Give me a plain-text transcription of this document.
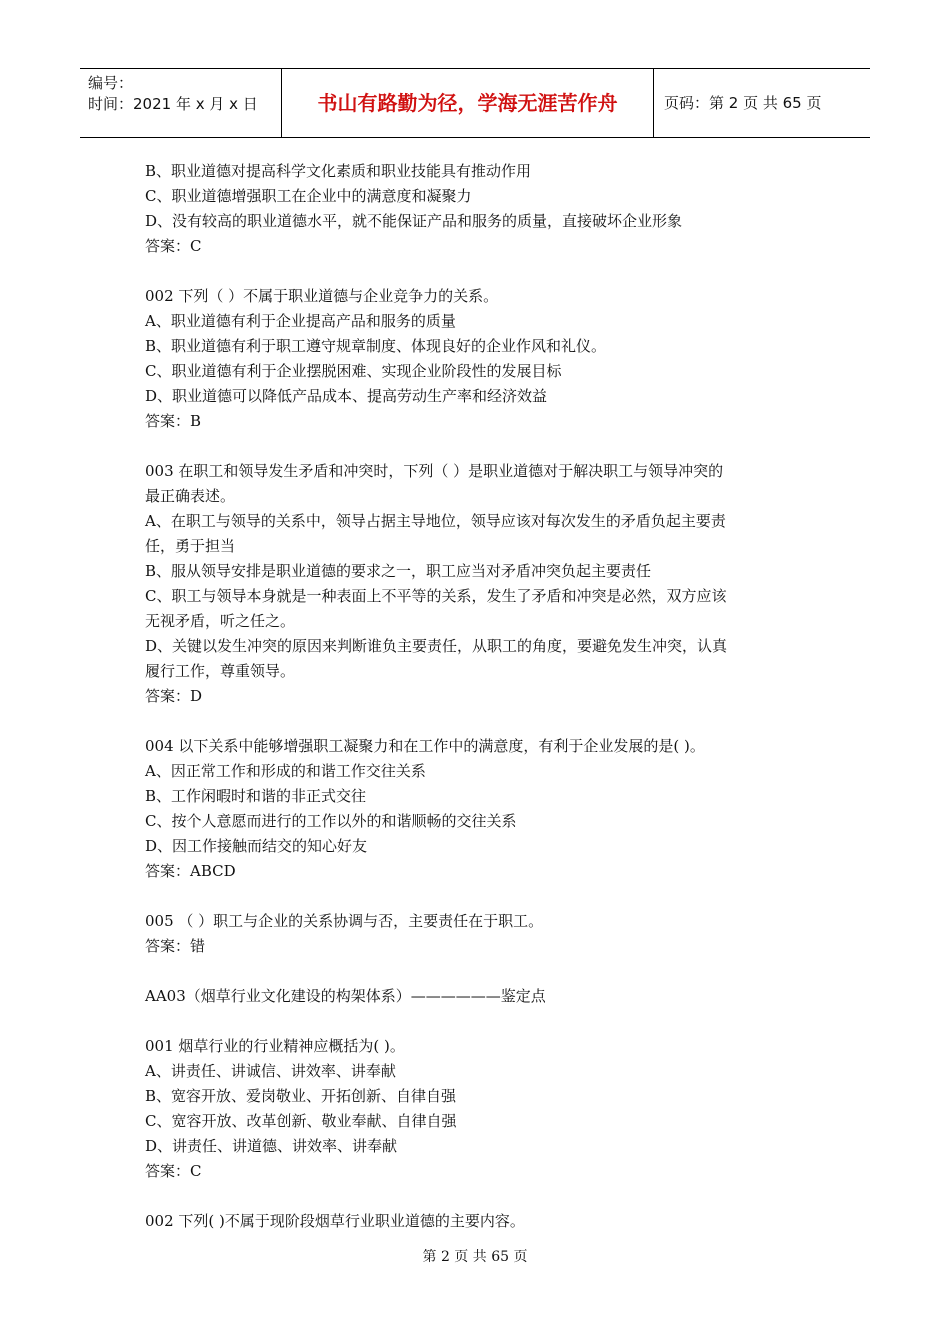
编号：
时间：2021 年 x 月 x 日	书山有路勤为径，学海无涯苦作舟	页码：第 2 页 共 65 页
B、职业道德对提高科学文化素质和职业技能具有推动作用
C、职业道德增强职工在企业中的满意度和凝聚力
D、没有较高的职业道德水平，就不能保证产品和服务的质量，直接破坏企业形象
答案：C
002 下列（ ）不属于职业道德与企业竞争力的关系。
A、职业道德有利于企业提高产品和服务的质量
B、职业道德有利于职工遵守规章制度、体现良好的企业作风和礼仪。
C、职业道德有利于企业摆脱困难、实现企业阶段性的发展目标
D、职业道德可以降低产品成本、提高劳动生产率和经济效益
答案：B
003 在职工和领导发生矛盾和冲突时，下列（ ）是职业道德对于解决职工与领导冲突的
最正确表述。
A、在职工与领导的关系中，领导占据主导地位，领导应该对每次发生的矛盾负起主要责
任，勇于担当
B、服从领导安排是职业道德的要求之一，职工应当对矛盾冲突负起主要责任
C、职工与领导本身就是一种表面上不平等的关系，发生了矛盾和冲突是必然，双方应该
无视矛盾，听之任之。
D、关键以发生冲突的原因来判断谁负主要责任，从职工的角度，要避免发生冲突，认真
履行工作，尊重领导。
答案：D
004 以下关系中能够增强职工凝聚力和在工作中的满意度，有利于企业发展的是( )。
A、因正常工作和形成的和谐工作交往关系
B、工作闲暇时和谐的非正式交往
C、按个人意愿而进行的工作以外的和谐顺畅的交往关系
D、因工作接触而结交的知心好友
答案：ABCD
005 （ ）职工与企业的关系协调与否，主要责任在于职工。
答案：错
AA03（烟草行业文化建设的构架体系）——————鉴定点
001 烟草行业的行业精神应概括为( )。
A、讲责任、讲诚信、讲效率、讲奉献
B、宽容开放、爱岗敬业、开拓创新、自律自强
C、宽容开放、改革创新、敬业奉献、自律自强
D、讲责任、讲道德、讲效率、讲奉献
答案：C
002 下列( )不属于现阶段烟草行业职业道德的主要内容。
第 2 页 共 65 页
